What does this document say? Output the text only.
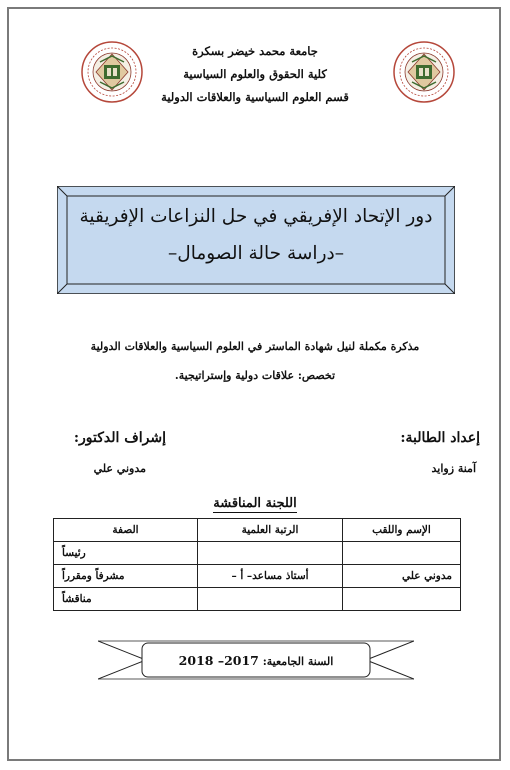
جامعة محمد خيضر بسكرة
كلية الحقوق والعلوم السياسية
قسم العلوم السياسية والعلاقات الدولية
دور الإتحاد الإفريقي في حل النزاعات الإفريقية
–دراسة حالة الصومال–
مذكرة مكملة لنيل شهادة الماستر في العلوم السياسية والعلاقات الدولية
تخصص: علاقات دولية وإستراتيجية.
إعداد الطالبة:
آمنة زوايد
إشراف الدكتور:
مدوني علي
اللجنة المناقشة
الإسم واللقب	الرتبة العلمية	الصفة
		رئيساً
مدوني علي	أستاذ مساعد– أ –	مشرفاً ومقرراً
		مناقشاً
السنة الجامعية: 2017– 2018
